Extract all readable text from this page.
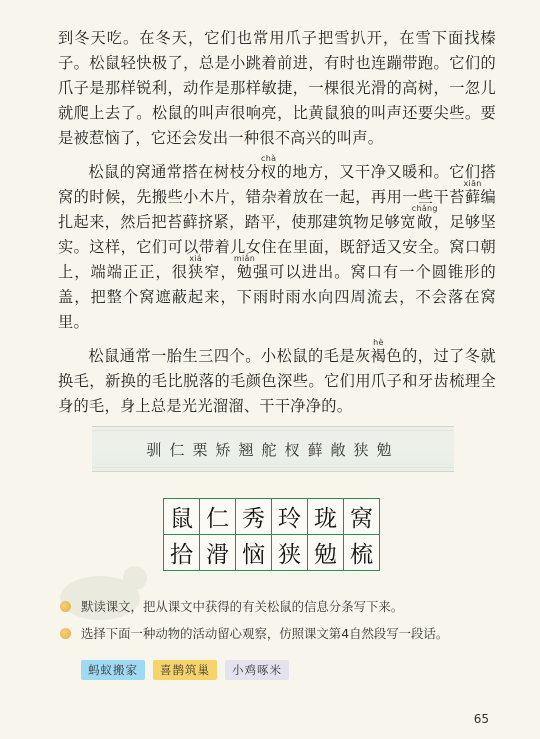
到冬天吃。在冬天，它们也常用爪子把雪扒开，在雪下面找榛子。松鼠轻快极了，总是小跳着前进，有时也连蹦带跑。它们的爪子是那样锐利，动作是那样敏捷，一棵很光滑的高树，一忽儿就爬上去了。松鼠的叫声很响亮，比黄鼠狼的叫声还要尖些。要是被惹恼了，它还会发出一种很不高兴的叫声。

松鼠的窝通常搭在树枝分杈chà的地方，又干净又暖和。它们搭窝的时候，先搬些小木片，错杂着放在一起，再用一些干苔藓xiān编扎起来，然后把苔藓挤紧，踏平，使那建筑物足够宽敞chǎng，足够坚实。这样，它们可以带着儿女住在里面，既舒适又安全。窝口朝上，端端正正，很狭xiá窄，勉miǎn强可以进出。窝口有一个圆锥形的盖，把整个窝遮蔽起来，下雨时雨水向四周流去，不会落在窝里。

松鼠通常一胎生三四个。小松鼠的毛是灰褐hè色的，过了冬就换毛，新换的毛比脱落的毛颜色深些。它们用爪子和牙齿梳理全身的毛，身上总是光光溜溜、干干净净的。

驯仁栗矫翘舵杈藓敞狭勉
鼠 仁 秀 玲 珑 窝
拾 滑 恼 狭 勉 梳
默读课文，把从课文中获得的有关松鼠的信息分条写下来。
选择下面一种动物的活动留心观察，仿照课文第4自然段写一段话。
蚂蚁搬家	喜鹊筑巢	小鸡啄米
65
